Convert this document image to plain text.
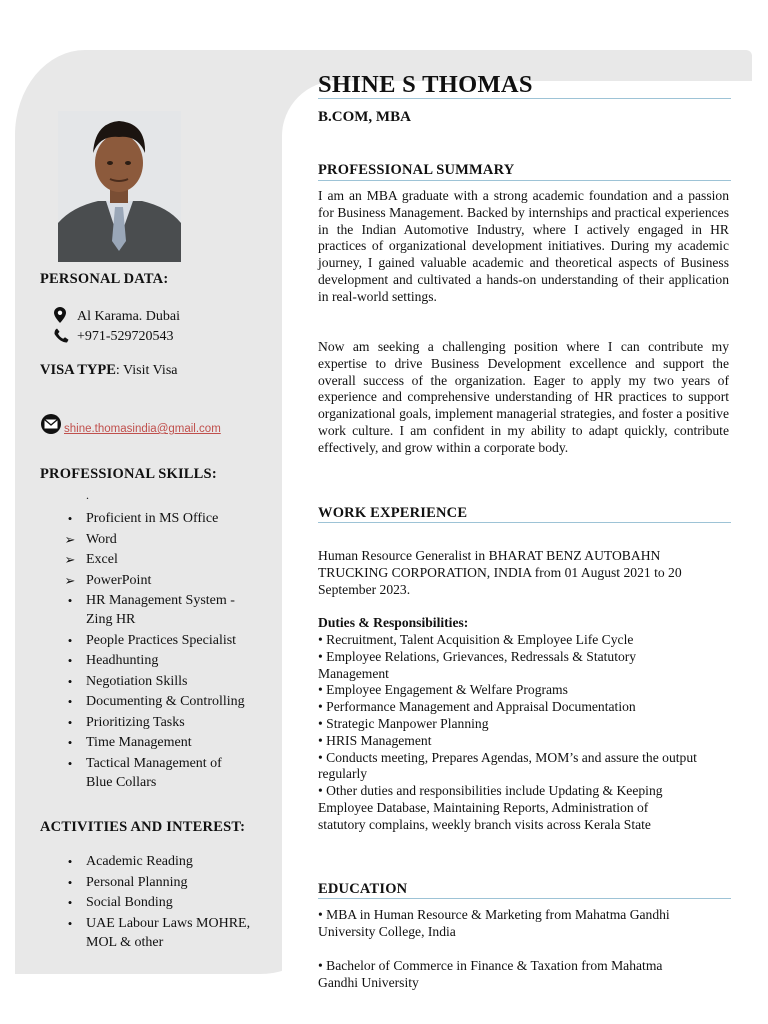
PERSONAL DATA:
Al Karama. Dubai
+971-529720543
VISA TYPE: Visit Visa
shine.thomasindia@gmail.com
PROFESSIONAL SKILLS:
.
• Proficient in MS Office
➢ Word
➢ Excel
➢ PowerPoint
• HR Management System - Zing HR
• People Practices Specialist
• Headhunting
• Negotiation Skills
• Documenting & Controlling
• Prioritizing Tasks
• Time Management
• Tactical Management of Blue Collars
ACTIVITIES AND INTEREST:
• Academic Reading
• Personal Planning
• Social Bonding
• UAE Labour Laws MOHRE, MOL & other
SHINE S THOMAS
B.COM, MBA
PROFESSIONAL SUMMARY

I am an MBA graduate with a strong academic foundation and a passion for Business Management. Backed by internships and practical experiences in the Indian Automotive Industry, where I actively engaged in HR practices of organizational development initiatives. During my academic journey, I gained valuable academic and theoretical aspects of Business development and cultivated a hands-on understanding of their application in real-world settings.

Now am seeking a challenging position where I can contribute my expertise to drive Business Development excellence and support the overall success of the organization. Eager to apply my two years of experience and comprehensive understanding of HR practices to support organizational goals, implement managerial strategies, and foster a positive work culture. I am confident in my ability to adapt quickly, contribute effectively, and grow within a corporate body.

WORK EXPERIENCE
Human Resource Generalist in BHARAT BENZ AUTOBAHN TRUCKING CORPORATION, INDIA from 01 August 2021 to 20 September 2023.
Duties & Responsibilities:
• Recruitment, Talent Acquisition & Employee Life Cycle
• Employee Relations, Grievances, Redressals & Statutory Management
• Employee Engagement & Welfare Programs
• Performance Management and Appraisal Documentation
• Strategic Manpower Planning
• HRIS Management
• Conducts meeting, Prepares Agendas, MOM’s and assure the output regularly
• Other duties and responsibilities include Updating & Keeping Employee Database, Maintaining Reports, Administration of statutory complains, weekly branch visits across Kerala State
EDUCATION
• MBA in Human Resource & Marketing from Mahatma Gandhi University College, India
• Bachelor of Commerce in Finance & Taxation from Mahatma Gandhi University
